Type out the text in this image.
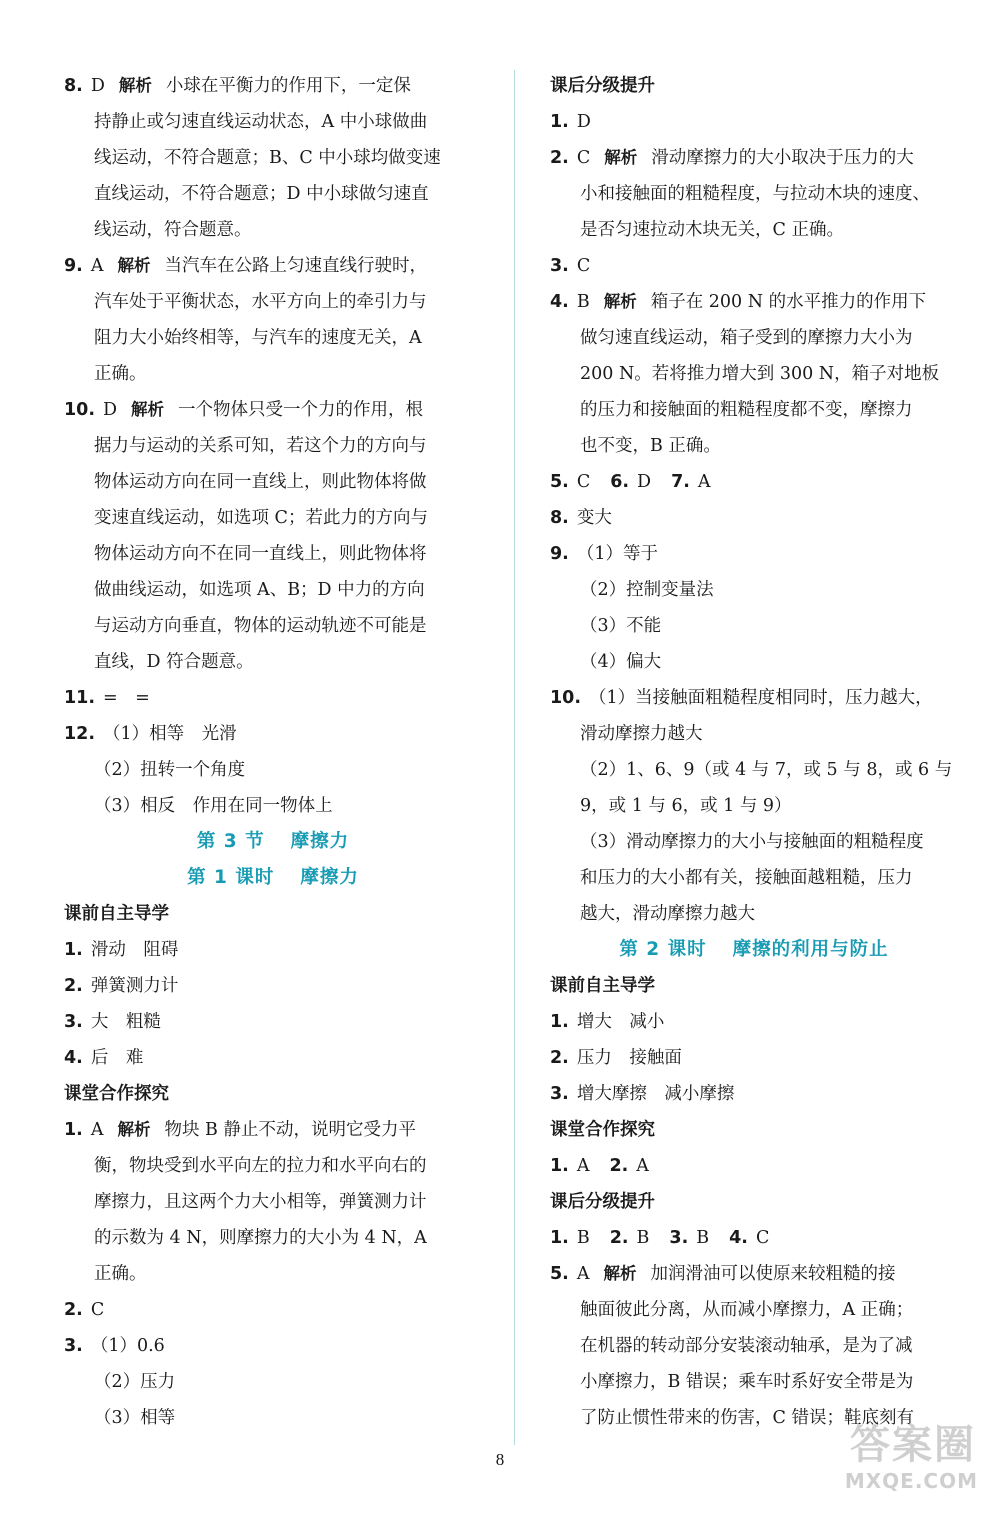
8. D 解析 小球在平衡力的作用下，一定保
持静止或匀速直线运动状态，A 中小球做曲
线运动，不符合题意；B、C 中小球均做变速
直线运动，不符合题意；D 中小球做匀速直
线运动，符合题意。
9. A 解析 当汽车在公路上匀速直线行驶时，
汽车处于平衡状态，水平方向上的牵引力与
阻力大小始终相等，与汽车的速度无关，A
正确。
10. D 解析 一个物体只受一个力的作用，根
据力与运动的关系可知，若这个力的方向与
物体运动方向在同一直线上，则此物体将做
变速直线运动，如选项 C；若此力的方向与
物体运动方向不在同一直线上，则此物体将
做曲线运动，如选项 A、B；D 中力的方向
与运动方向垂直，物体的运动轨迹不可能是
直线，D 符合题意。
11. =　=
12. （1）相等　光滑
（2）扭转一个角度
（3）相反　作用在同一物体上
第 3 节 摩擦力
第 1 课时 摩擦力
课前自主导学
1. 滑动　阻碍
2. 弹簧测力计
3. 大　粗糙
4. 后　难
课堂合作探究
1. A 解析 物块 B 静止不动，说明它受力平
衡，物块受到水平向左的拉力和水平向右的
摩擦力，且这两个力大小相等，弹簧测力计
的示数为 4 N，则摩擦力的大小为 4 N，A
正确。
2. C
3. （1）0.6
（2）压力
（3）相等
课后分级提升
1. D
2. C 解析 滑动摩擦力的大小取决于压力的大
小和接触面的粗糙程度，与拉动木块的速度、
是否匀速拉动木块无关，C 正确。
3. C
4. B 解析 箱子在 200 N 的水平推力的作用下
做匀速直线运动，箱子受到的摩擦力大小为
200 N。若将推力增大到 300 N，箱子对地板
的压力和接触面的粗糙程度都不变，摩擦力
也不变，B 正确。
5. C 6. D 7. A
8. 变大
9. （1）等于
（2）控制变量法
（3）不能
（4）偏大
10. （1）当接触面粗糙程度相同时，压力越大，
滑动摩擦力越大
（2）1、6、9（或 4 与 7，或 5 与 8，或 6 与
9，或 1 与 6，或 1 与 9）
（3）滑动摩擦力的大小与接触面的粗糙程度
和压力的大小都有关，接触面越粗糙，压力
越大，滑动摩擦力越大
第 2 课时 摩擦的利用与防止
课前自主导学
1. 增大　减小
2. 压力　接触面
3. 增大摩擦　减小摩擦
课堂合作探究
1. A 2. A
课后分级提升
1. B 2. B 3. B 4. C
5. A 解析 加润滑油可以使原来较粗糙的接
触面彼此分离，从而减小摩擦力，A 正确；
在机器的转动部分安装滚动轴承，是为了减
小摩擦力，B 错误；乘车时系好安全带是为
了防止惯性带来的伤害，C 错误；鞋底刻有
8	答案圈
MXQE.COM
